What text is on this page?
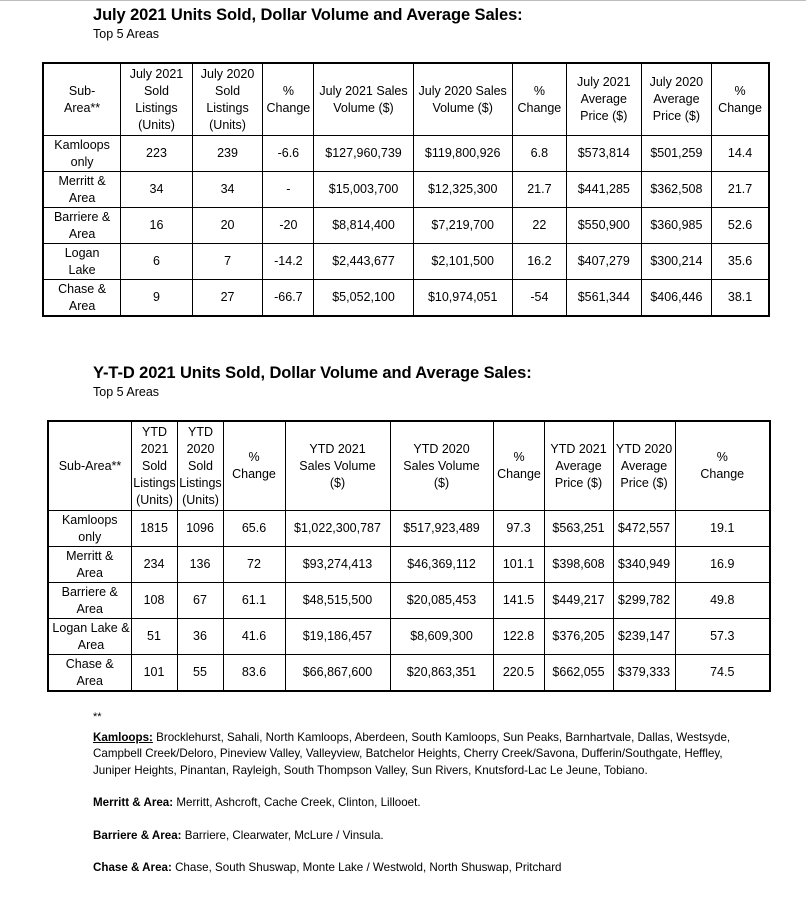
July 2021 Units Sold, Dollar Volume and Average Sales:
Top 5 Areas
Sub-Area**	July 2021 Sold Listings (Units)	July 2020 Sold Listings (Units)	% Change	July 2021 Sales Volume ($)	July 2020 Sales Volume ($)	% Change	July 2021 Average Price ($)	July 2020 Average Price ($)	% Change
Kamloops only	223	239	-6.6	$127,960,739	$119,800,926	6.8	$573,814	$501,259	14.4
Merritt & Area	34	34	-	$15,003,700	$12,325,300	21.7	$441,285	$362,508	21.7
Barriere & Area	16	20	-20	$8,814,400	$7,219,700	22	$550,900	$360,985	52.6
Logan Lake	6	7	-14.2	$2,443,677	$2,101,500	16.2	$407,279	$300,214	35.6
Chase & Area	9	27	-66.7	$5,052,100	$10,974,051	-54	$561,344	$406,446	38.1
Y-T-D 2021 Units Sold, Dollar Volume and Average Sales:
Top 5 Areas
Sub-Area**	YTD 2021 Sold Listings (Units)	YTD 2020 Sold Listings (Units)	% Change	YTD 2021 Sales Volume ($)	YTD 2020 Sales Volume ($)	% Change	YTD 2021 Average Price ($)	YTD 2020 Average Price ($)	% Change
Kamloops only	1815	1096	65.6	$1,022,300,787	$517,923,489	97.3	$563,251	$472,557	19.1
Merritt & Area	234	136	72	$93,274,413	$46,369,112	101.1	$398,608	$340,949	16.9
Barriere & Area	108	67	61.1	$48,515,500	$20,085,453	141.5	$449,217	$299,782	49.8
Logan Lake & Area	51	36	41.6	$19,186,457	$8,609,300	122.8	$376,205	$239,147	57.3
Chase & Area	101	55	83.6	$66,867,600	$20,863,351	220.5	$662,055	$379,333	74.5

**

Kamloops: Brocklehurst, Sahali, North Kamloops, Aberdeen, South Kamloops, Sun Peaks, Barnhartvale, Dallas, Westsyde, Campbell Creek/Deloro, Pineview Valley, Valleyview, Batchelor Heights, Cherry Creek/Savona, Dufferin/Southgate, Heffley, Juniper Heights, Pinantan, Rayleigh, South Thompson Valley, Sun Rivers, Knutsford-Lac Le Jeune, Tobiano.

Merritt & Area: Merritt, Ashcroft, Cache Creek, Clinton, Lillooet.

Barriere & Area: Barriere, Clearwater, McLure / Vinsula.

Chase & Area: Chase, South Shuswap, Monte Lake / Westwold, North Shuswap, Pritchard
